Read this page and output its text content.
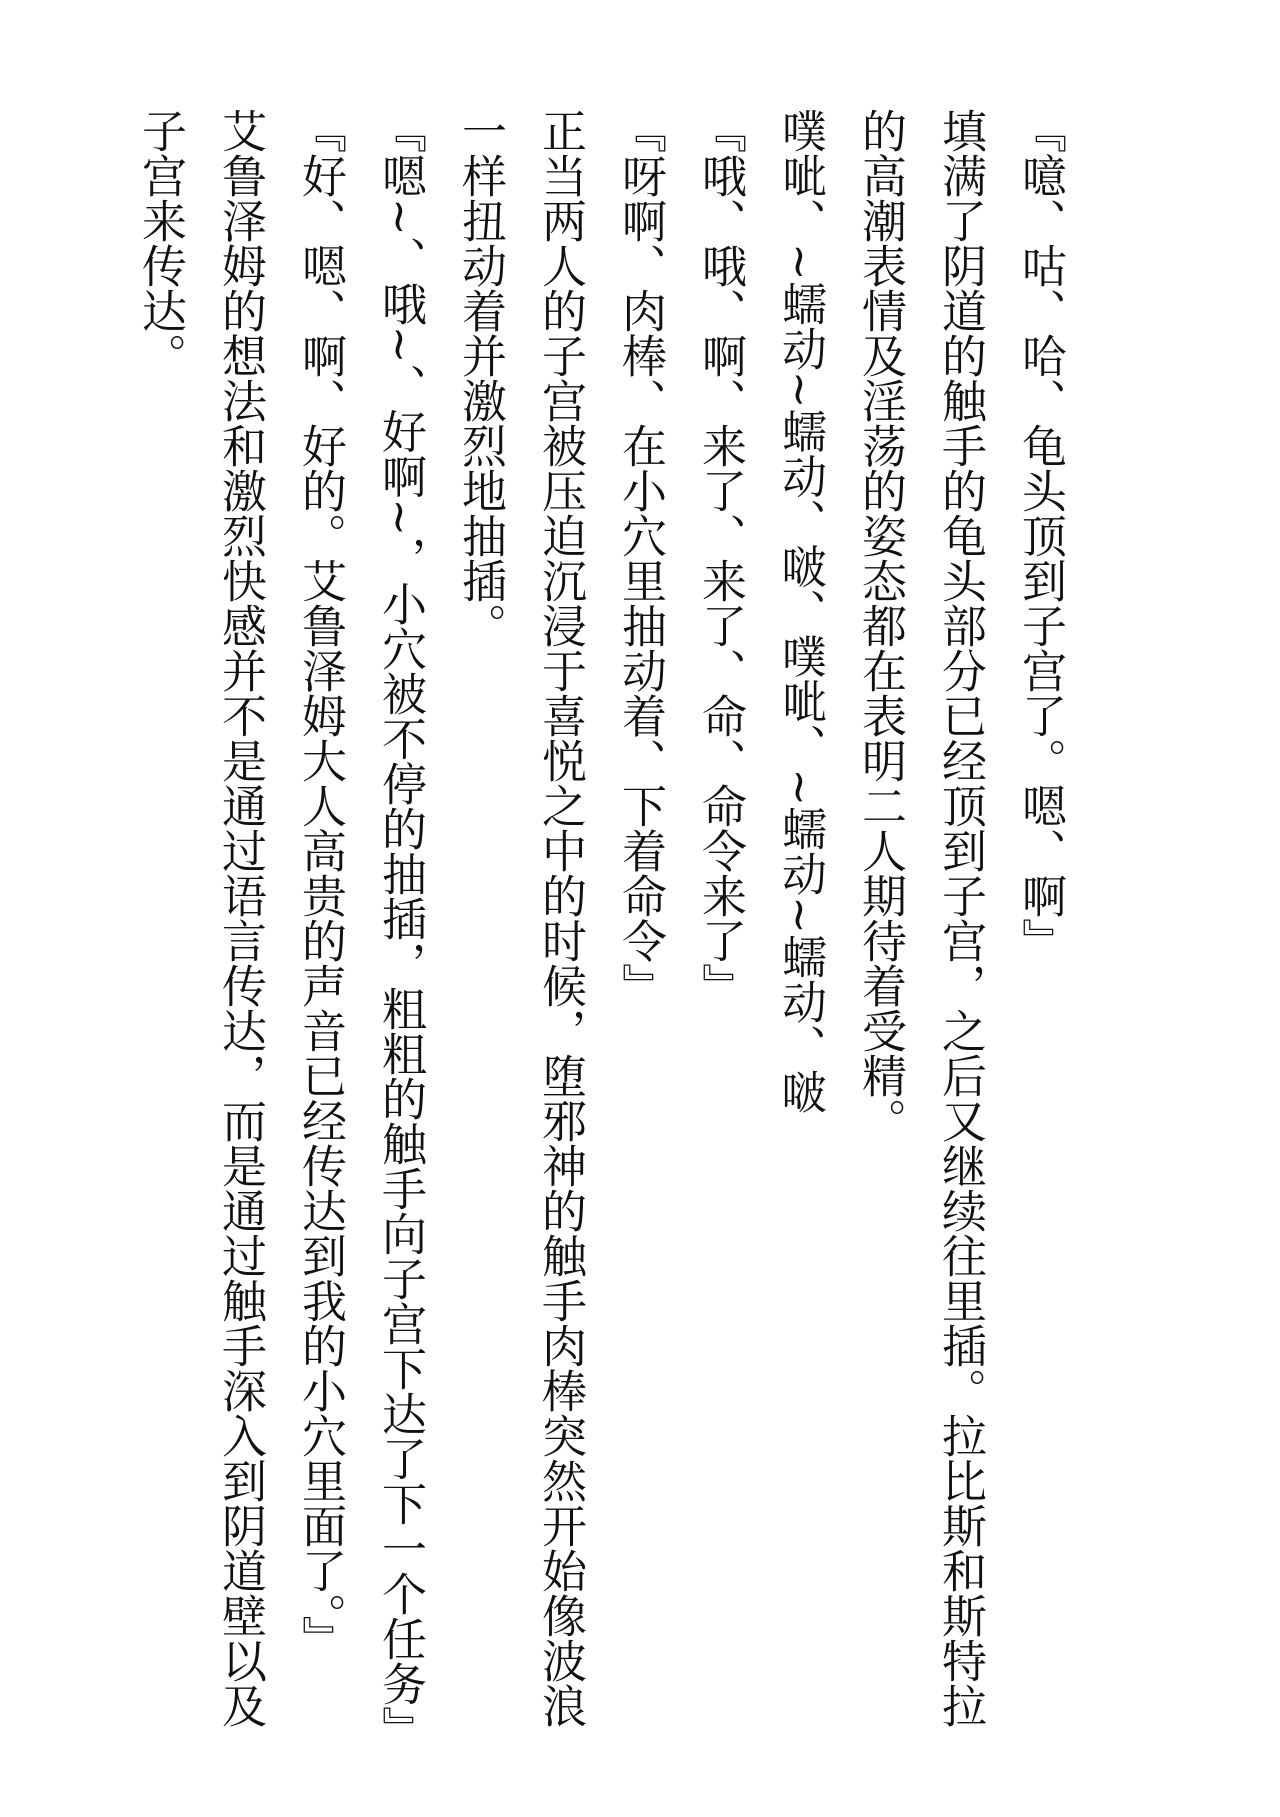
『噫、咕、哈、龟头顶到子宫了。嗯、啊』

填满了阴道的触手的龟头部分已经顶到子宫，之后又继续往里插。拉比斯和斯特拉的高潮表情及淫荡的姿态都在表明二人期待着受精。

噗呲、~蠕动~蠕动、啵、噗呲、~蠕动~蠕动、啵

『哦、哦、啊、来了、来了、命、命令来了』

『呀啊、肉棒、在小穴里抽动着、下着命令』

正当两人的子宫被压迫沉浸于喜悦之中的时候，堕邪神的触手肉棒突然开始像波浪一样扭动着并激烈地抽插。

『嗯~、哦~、好啊~，小穴被不停的抽插，粗粗的触手向子宫下达了下一个任务』

『好、嗯、啊、好的。艾鲁泽姆大人高贵的声音已经传达到我的小穴里面了。』

艾鲁泽姆的想法和激烈快感并不是通过语言传达，而是通过触手深入到阴道壁以及子宫来传达。
